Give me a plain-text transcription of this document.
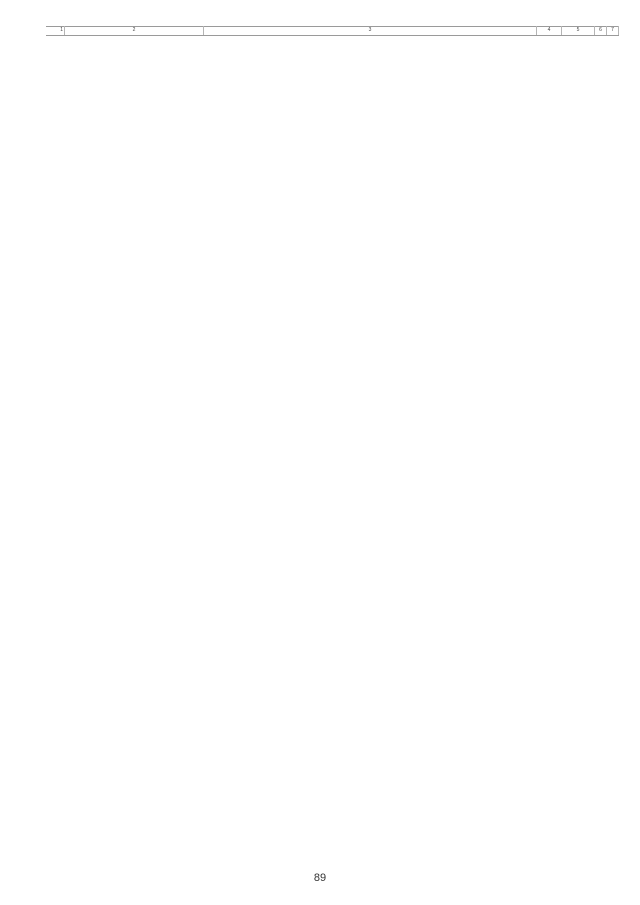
1	2	3	4	5	6	7
89
